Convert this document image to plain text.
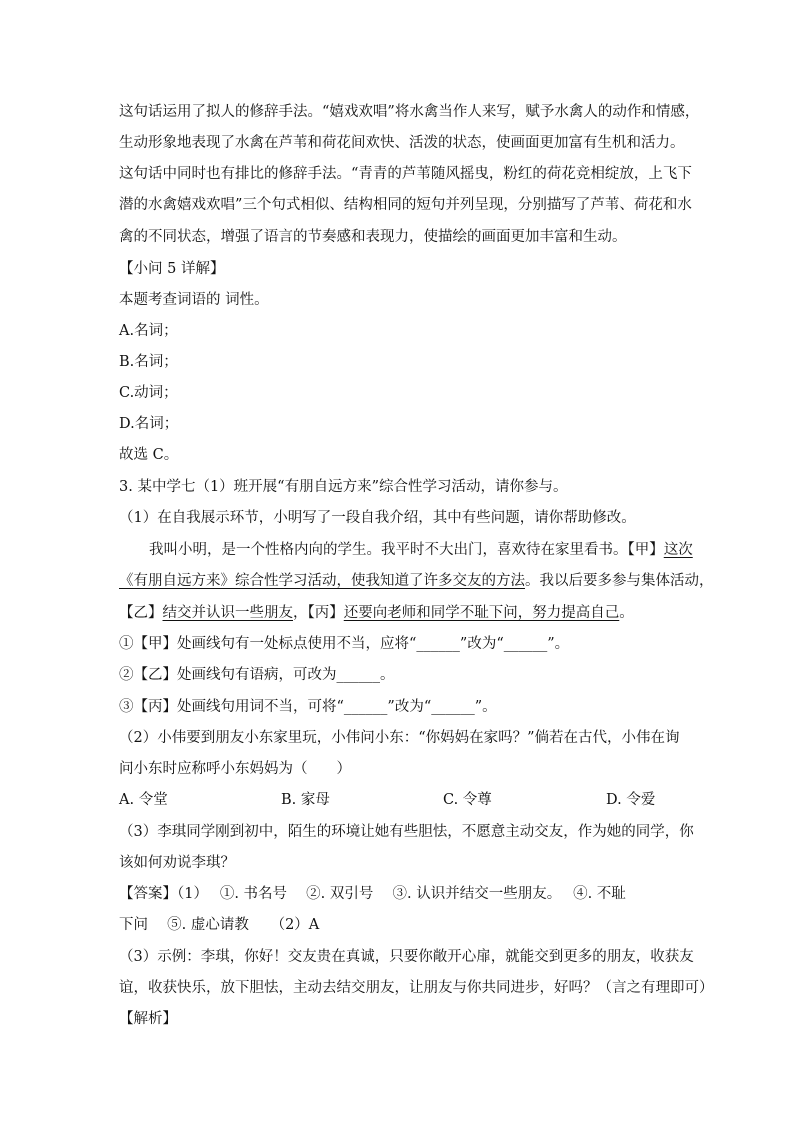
这句话运用了拟人的修辞手法。“嬉戏欢唱”将水禽当作人来写，赋予水禽人的动作和情感，
生动形象地表现了水禽在芦苇和荷花间欢快、活泼的状态，使画面更加富有生机和活力。
这句话中同时也有排比的修辞手法。“青青的芦苇随风摇曳，粉红的荷花竞相绽放，上飞下
潜的水禽嬉戏欢唱”三个句式相似、结构相同的短句并列呈现，分别描写了芦苇、荷花和水
禽的不同状态，增强了语言的节奏感和表现力，使描绘的画面更加丰富和生动。
【小问 5 详解】
本题考查词语的 词性。
A.名词；
B.名词；
C.动词；
D.名词；
故选 C。
3. 某中学七（1）班开展“有朋自远方来”综合性学习活动，请你参与。
（1）在自我展示环节，小明写了一段自我介绍，其中有些问题，请你帮助修改。
我叫小明，是一个性格内向的学生。我平时不大出门，喜欢待在家里看书。【甲】这次
《有朋自远方来》综合性学习活动，使我知道了许多交友的方法。我以后要多参与集体活动，
【乙】结交并认识一些朋友，【丙】还要向老师和同学不耻下问，努力提高自己。
①【甲】处画线句有一处标点使用不当，应将“______”改为“______”。
②【乙】处画线句有语病，可改为______。
③【丙】处画线句用词不当，可将“______”改为“______”。
（2）小伟要到朋友小东家里玩，小伟问小东：“你妈妈在家吗？”倘若在古代，小伟在询
问小东时应称呼小东妈妈为（　　）
A. 令堂	B. 家母	C. 令尊	D. 令爱
（3）李琪同学刚到初中，陌生的环境让她有些胆怯，不愿意主动交友，作为她的同学，你
该如何劝说李琪？
【答案】（1）　 ①. 书名号　 ②. 双引号　 ③. 认识并结交一些朋友。　 ④. 不耻
下问　 ⑤. 虚心请教　　（2）A
（3）示例：李琪，你好！交友贵在真诚，只要你敞开心扉，就能交到更多的朋友，收获友
谊，收获快乐，放下胆怯，主动去结交朋友，让朋友与你共同进步，好吗？（言之有理即可）
【解析】
